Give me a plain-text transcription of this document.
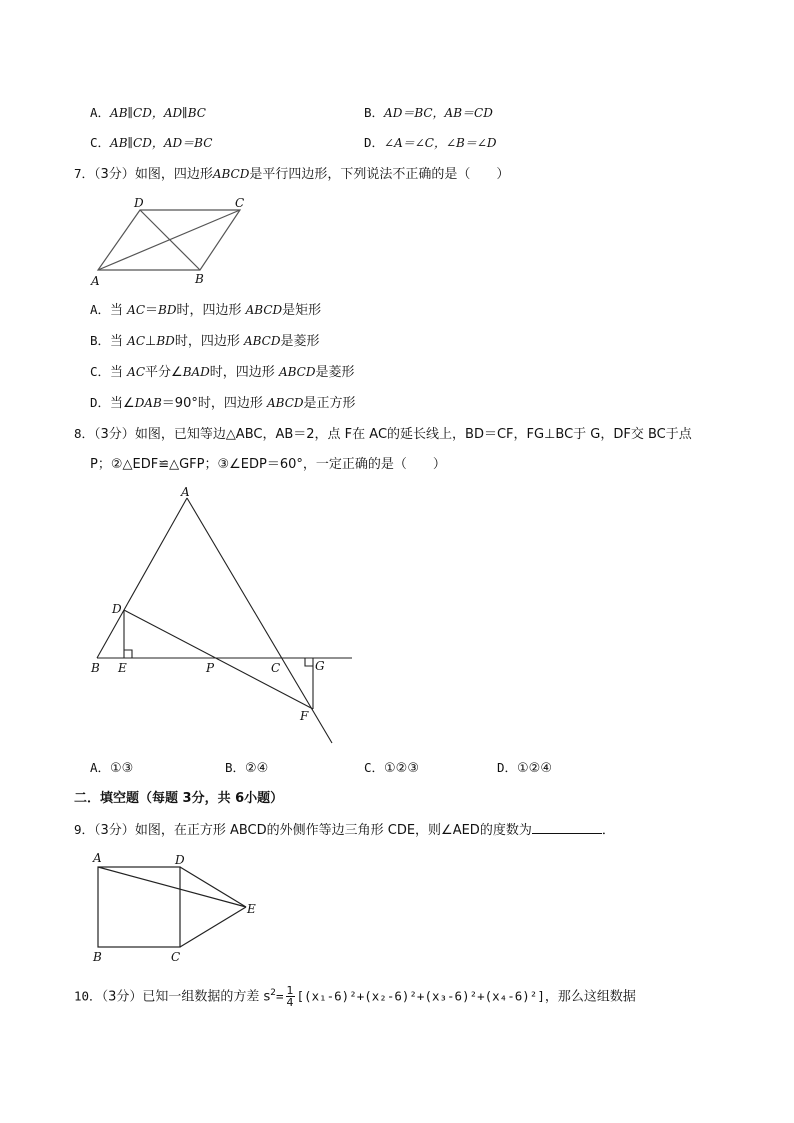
A．AB∥CD，AD∥BC	B．AD＝BC，AB＝CD
C．AB∥CD，AD＝BC	D．∠A＝∠C，∠B＝∠D
7．（3分）如图，四边形ABCD是平行四边形，下列说法不正确的是（　　）
A	B
C
D
A．当 AC＝BD时，四边形 ABCD是矩形
B．当 AC⊥BD时，四边形 ABCD是菱形
C．当 AC平分∠BAD时，四边形 ABCD是菱形
D．当∠DAB＝90°时，四边形 ABCD是正方形
8．（3分）如图，已知等边△ABC，AB＝2，点 F在 AC的延长线上，BD＝CF，FG⊥BC于 G，DF交 BC于点
P；②△EDF≌△GFP；③∠EDP＝60°，一定正确的是（　　）
A
B	C
D
E
F
G
P
A．①③	B．②④	C．①②③	D．①②④
二．填空题（每题 3分，共 6小题）
9．（3分）如图，在正方形 ABCD的外侧作等边三角形 CDE，则∠AED的度数为	．
A
B	C
D
E
10．（3分）已知一组数据的方差 $s^2= \frac{1}{4} [(x_1-6)^2+(x_2-6)^2+(x_3-6)^2+(x_4-6)^2]$，那么这组数据
